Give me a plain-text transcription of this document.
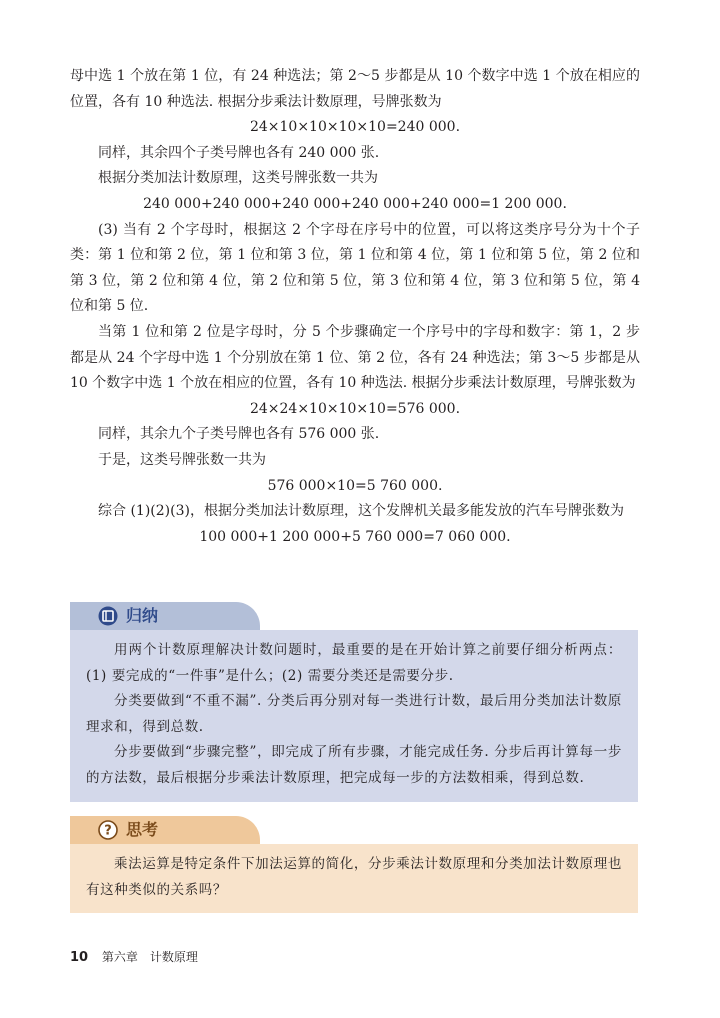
母中选 1 个放在第 1 位，有 24 种选法；第 2～5 步都是从 10 个数字中选 1 个放在相应的位置，各有 10 种选法. 根据分步乘法计数原理，号牌张数为

24×10×10×10×10=240 000.

同样，其余四个子类号牌也各有 240 000 张.

根据分类加法计数原理，这类号牌张数一共为

240 000+240 000+240 000+240 000+240 000=1 200 000.

(3) 当有 2 个字母时，根据这 2 个字母在序号中的位置，可以将这类序号分为十个子类：第 1 位和第 2 位，第 1 位和第 3 位，第 1 位和第 4 位，第 1 位和第 5 位，第 2 位和第 3 位，第 2 位和第 4 位，第 2 位和第 5 位，第 3 位和第 4 位，第 3 位和第 5 位，第 4 位和第 5 位.

当第 1 位和第 2 位是字母时，分 5 个步骤确定一个序号中的字母和数字：第 1，2 步都是从 24 个字母中选 1 个分别放在第 1 位、第 2 位，各有 24 种选法；第 3～5 步都是从 10 个数字中选 1 个放在相应的位置，各有 10 种选法. 根据分步乘法计数原理，号牌张数为

24×24×10×10×10=576 000.

同样，其余九个子类号牌也各有 576 000 张.

于是，这类号牌张数一共为

576 000×10=5 760 000.

综合 (1)(2)(3)，根据分类加法计数原理，这个发牌机关最多能发放的汽车号牌张数为

100 000+1 200 000+5 760 000=7 060 000.

归纳

用两个计数原理解决计数问题时，最重要的是在开始计算之前要仔细分析两点：(1) 要完成的“一件事”是什么；(2) 需要分类还是需要分步.

分类要做到“不重不漏”. 分类后再分别对每一类进行计数，最后用分类加法计数原理求和，得到总数.

分步要做到“步骤完整”，即完成了所有步骤，才能完成任务. 分步后再计算每一步的方法数，最后根据分步乘法计数原理，把完成每一步的方法数相乘，得到总数.

? 思考

乘法运算是特定条件下加法运算的简化，分步乘法计数原理和分类加法计数原理也有这种类似的关系吗？

10 第六章　计数原理
